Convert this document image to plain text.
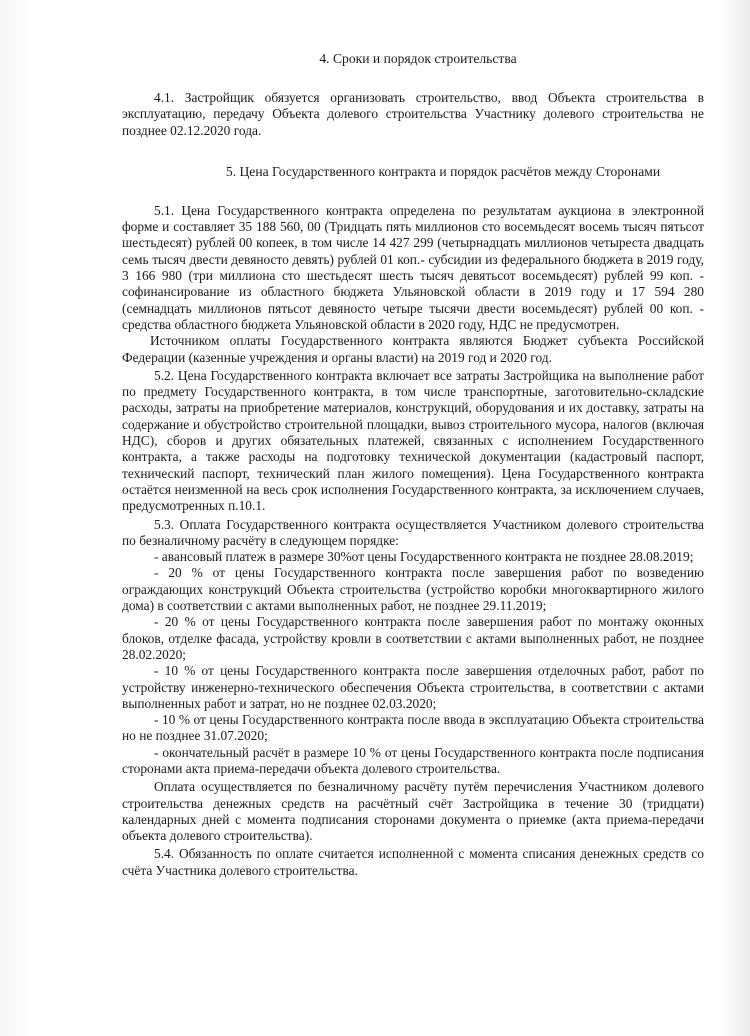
4. Сроки и порядок строительства

4.1. Застройщик обязуется организовать строительство, ввод Объекта строительства в эксплуатацию, передачу Объекта долевого строительства Участнику долевого строительства не позднее 02.12.2020 года.

5. Цена Государственного контракта и порядок расчётов между Сторонами

5.1. Цена Государственного контракта определена по результатам аукциона в электронной форме и составляет 35 188 560, 00 (Тридцать пять миллионов сто восемьдесят восемь тысяч пятьсот шестьдесят) рублей 00 копеек, в том числе 14 427 299 (четырнадцать миллионов четыреста двадцать семь тысяч двести девяносто девять) рублей 01 коп.- субсидии из федерального бюджета в 2019 году, 3 166 980 (три миллиона сто шестьдесят шесть тысяч девятьсот восемьдесят) рублей 99 коп. - софинансирование из областного бюджета Ульяновской области в 2019 году и 17 594 280 (семнадцать миллионов пятьсот девяносто четыре тысячи двести восемьдесят) рублей 00 коп. - средства областного бюджета Ульяновской области в 2020 году, НДС не предусмотрен.

Источником оплаты Государственного контракта являются Бюджет субъекта Российской Федерации (казенные учреждения и органы власти) на 2019 год и 2020 год.

5.2. Цена Государственного контракта включает все затраты Застройщика на выполнение работ по предмету Государственного контракта, в том числе транспортные, заготовительно-складские расходы, затраты на приобретение материалов, конструкций, оборудования и их доставку, затраты на содержание и обустройство строительной площадки, вывоз строительного мусора, налогов (включая НДС), сборов и других обязательных платежей, связанных с исполнением Государственного контракта, а также расходы на подготовку технической документации (кадастровый паспорт, технический паспорт, технический план жилого помещения). Цена Государственного контракта остаётся неизменной на весь срок исполнения Государственного контракта, за исключением случаев, предусмотренных п.10.1.

5.3. Оплата Государственного контракта осуществляется Участником долевого строительства по безналичному расчёту в следующем порядке:

- авансовый платеж в размере 30%от цены Государственного контракта не позднее 28.08.2019;

- 20 % от цены Государственного контракта после завершения работ по возведению ограждающих конструкций Объекта строительства (устройство коробки многоквартирного жилого дома) в соответствии с актами выполненных работ, не позднее 29.11.2019;

- 20 % от цены Государственного контракта после завершения работ по монтажу оконных блоков, отделке фасада, устройству кровли в соответствии с актами выполненных работ, не позднее 28.02.2020;

- 10 % от цены Государственного контракта после завершения отделочных работ, работ по устройству инженерно-технического обеспечения Объекта строительства, в соответствии с актами выполненных работ и затрат, но не позднее 02.03.2020;

- 10 % от цены Государственного контракта после ввода в эксплуатацию Объекта строительства но не позднее 31.07.2020;

- окончательный расчёт в размере 10 % от цены Государственного контракта после подписания сторонами акта приема-передачи объекта долевого строительства.

Оплата осуществляется по безналичному расчёту путём перечисления Участником долевого строительства денежных средств на расчётный счёт Застройщика в течение 30 (тридцати) календарных дней с момента подписания сторонами документа о приемке (акта приема-передачи объекта долевого строительства).

5.4. Обязанность по оплате считается исполненной с момента списания денежных средств со счёта Участника долевого строительства.
